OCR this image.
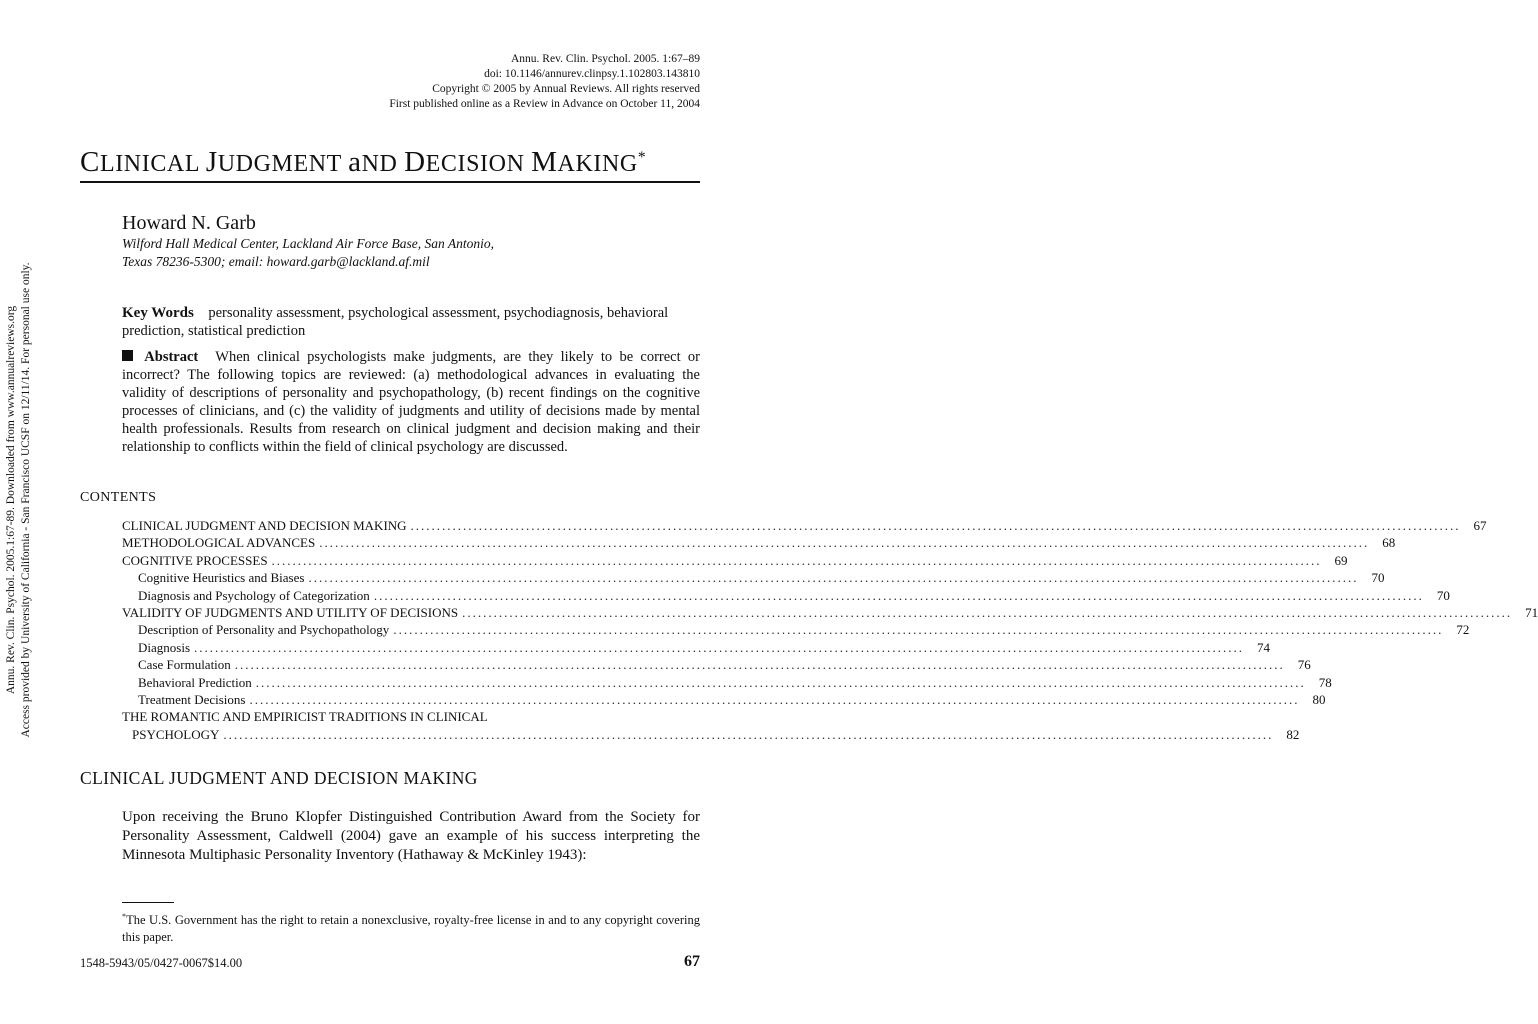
Annu. Rev. Clin. Psychol. 2005. 1:67–89
doi: 10.1146/annurev.clinpsy.1.102803.143810
Copyright © 2005 by Annual Reviews. All rights reserved
First published online as a Review in Advance on October 11, 2004
CLINICAL JUDGMENT aND DECISION MAKING*
Howard N. Garb
Wilford Hall Medical Center, Lackland Air Force Base, San Antonio,
Texas 78236-5300; email: howard.garb@lackland.af.mil
Key Words personality assessment, psychological assessment, psychodiagnosis, behavioral prediction, statistical prediction
Abstract When clinical psychologists make judgments, are they likely to be correct or incorrect? The following topics are reviewed: (a) methodological advances in evaluating the validity of descriptions of personality and psychopathology, (b) recent findings on the cognitive processes of clinicians, and (c) the validity of judgments and utility of decisions made by mental health professionals. Results from research on clinical judgment and decision making and their relationship to conflicts within the field of clinical psychology are discussed.
CONTENTS
CLINICAL JUDGMENT AND DECISION MAKING ........................................................................................................................................................................................................	67
METHODOLOGICAL ADVANCES ........................................................................................................................................................................................................	68
COGNITIVE PROCESSES ........................................................................................................................................................................................................	69
Cognitive Heuristics and Biases ........................................................................................................................................................................................................	70
Diagnosis and Psychology of Categorization ........................................................................................................................................................................................................	70
VALIDITY OF JUDGMENTS AND UTILITY OF DECISIONS ........................................................................................................................................................................................................	71
Description of Personality and Psychopathology ........................................................................................................................................................................................................	72
Diagnosis ........................................................................................................................................................................................................	74
Case Formulation ........................................................................................................................................................................................................	76
Behavioral Prediction ........................................................................................................................................................................................................	78
Treatment Decisions ........................................................................................................................................................................................................	80
THE ROMANTIC AND EMPIRICIST TRADITIONS IN CLINICAL
PSYCHOLOGY ........................................................................................................................................................................................................	82
CLINICAL JUDGMENT AND DECISION MAKING
Upon receiving the Bruno Klopfer Distinguished Contribution Award from the Society for Personality Assessment, Caldwell (2004) gave an example of his success interpreting the Minnesota Multiphasic Personality Inventory (Hathaway & McKinley 1943):
*The U.S. Government has the right to retain a nonexclusive, royalty-free license in and to any copyright covering this paper.
1548-5943/05/0427-0067$14.00	67
Annu. Rev. Clin. Psychol. 2005.1:67-89. Downloaded from www.annualreviews.org Access provided by University of California - San Francisco UCSF on 12/11/14. For personal use only.
